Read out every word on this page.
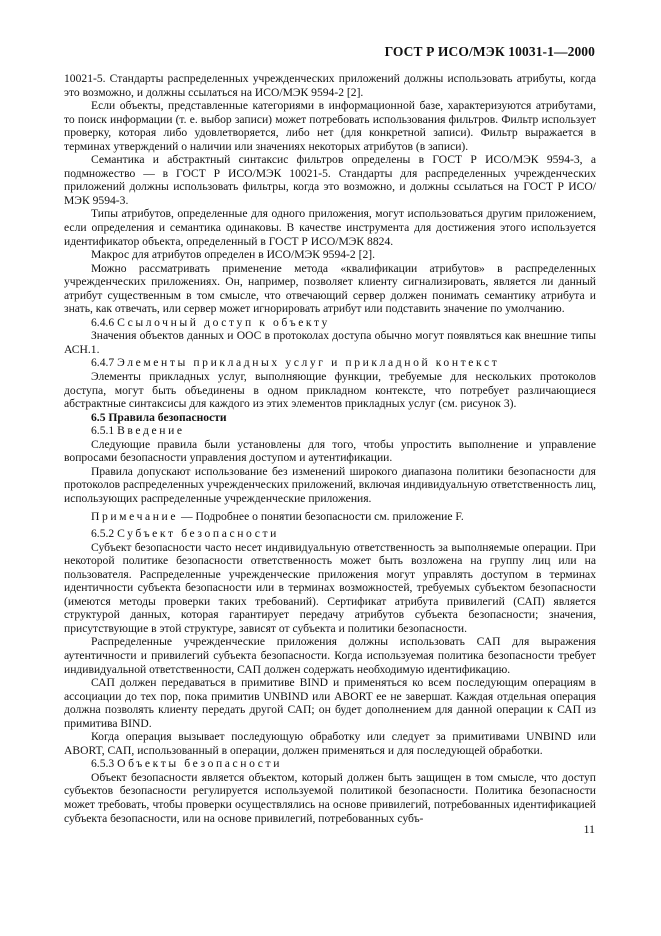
ГОСТ Р ИСО/МЭК 10031-1—2000

10021-5. Стандарты распределенных учрежденческих приложений должны использовать атрибуты, когда это возможно, и должны ссылаться на ИСО/МЭК 9594-2 [2].

Если объекты, представленные категориями в информационной базе, характеризуются атрибутами, то поиск информации (т. е. выбор записи) может потребовать использования фильтров. Фильтр использует проверку, которая либо удовлетворяется, либо нет (для конкретной записи). Фильтр выражается в терминах утверждений о наличии или значениях некоторых атрибутов (в записи).

Семантика и абстрактный синтаксис фильтров определены в ГОСТ Р ИСО/МЭК 9594-3, а подмножество — в ГОСТ Р ИСО/МЭК 10021-5. Стандарты для распределенных учрежденческих приложений должны использовать фильтры, когда это возможно, и должны ссылаться на ГОСТ Р ИСО/МЭК 9594-3.

Типы атрибутов, определенные для одного приложения, могут использоваться другим приложением, если определения и семантика одинаковы. В качестве инструмента для достижения этого используется идентификатор объекта, определенный в ГОСТ Р ИСО/МЭК 8824.

Макрос для атрибутов определен в ИСО/МЭК 9594-2 [2].

Можно рассматривать применение метода «квалификации атрибутов» в распределенных учрежденческих приложениях. Он, например, позволяет клиенту сигнализировать, является ли данный атрибут существенным в том смысле, что отвечающий сервер должен понимать семантику атрибута и знать, как отвечать, или сервер может игнорировать атрибут или подставить значение по умолчанию.

6.4.6 Ссылочный доступ к объекту

Значения объектов данных и ООС в протоколах доступа обычно могут появляться как внешние типы АСН.1.

6.4.7 Элементы прикладных услуг и прикладной контекст

Элементы прикладных услуг, выполняющие функции, требуемые для нескольких протоколов доступа, могут быть объединены в одном прикладном контексте, что потребует различающиеся абстрактные синтаксисы для каждого из этих элементов прикладных услуг (см. рисунок 3).

6.5 Правила безопасности

6.5.1 Введение

Следующие правила были установлены для того, чтобы упростить выполнение и управление вопросами безопасности управления доступом и аутентификации.

Правила допускают использование без изменений широкого диапазона политики безопасности для протоколов распределенных учрежденческих приложений, включая индивидуальную ответственность лиц, использующих распределенные учрежденческие приложения.

Примечание — Подробнее о понятии безопасности см. приложение F.

6.5.2 Субъект безопасности

Субъект безопасности часто несет индивидуальную ответственность за выполняемые операции. При некоторой политике безопасности ответственность может быть возложена на группу лиц или на пользователя. Распределенные учрежденческие приложения могут управлять доступом в терминах идентичности субъекта безопасности или в терминах возможностей, требуемых субъектом безопасности (имеются методы проверки таких требований). Сертификат атрибута привилегий (САП) является структурой данных, которая гарантирует передачу атрибутов субъекта безопасности; значения, присутствующие в этой структуре, зависят от субъекта и политики безопасности.

Распределенные учрежденческие приложения должны использовать САП для выражения аутентичности и привилегий субъекта безопасности. Когда используемая политика безопасности требует индивидуальной ответственности, САП должен содержать необходимую идентификацию.

САП должен передаваться в примитиве BIND и применяться ко всем последующим операциям в ассоциации до тех пор, пока примитив UNBIND или ABORT ее не завершат. Каждая отдельная операция должна позволять клиенту передать другой САП; он будет дополнением для данной операции к САП из примитива BIND.

Когда операция вызывает последующую обработку или следует за примитивами UNBIND или ABORT, САП, использованный в операции, должен применяться и для последующей обработки.

6.5.3 Объекты безопасности

Объект безопасности является объектом, который должен быть защищен в том смысле, что доступ субъектов безопасности регулируется используемой политикой безопасности. Политика безопасности может требовать, чтобы проверки осуществлялись на основе привилегий, потребованных идентификацией субъекта безопасности, или на основе привилегий, потребованных субъ-

11
